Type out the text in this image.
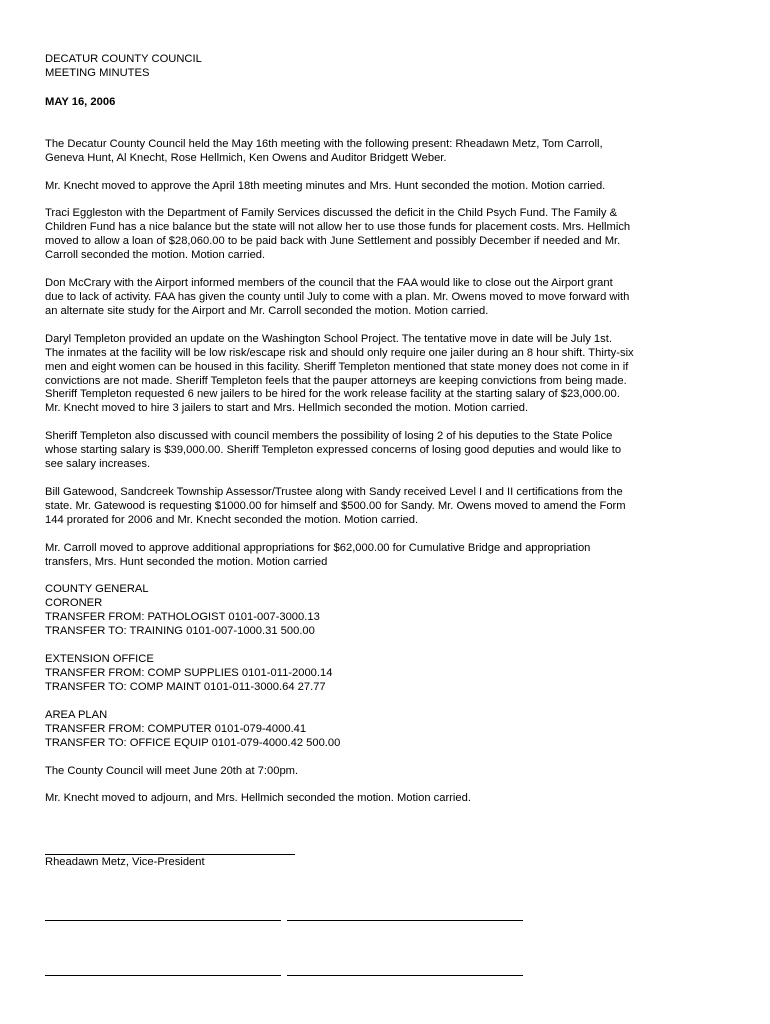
DECATUR COUNTY COUNCIL
MEETING MINUTES
MAY 16, 2006
The Decatur County Council held the May 16th meeting with the following present: Rheadawn Metz, Tom Carroll,
Geneva Hunt, Al Knecht, Rose Hellmich, Ken Owens and Auditor Bridgett Weber.
Mr. Knecht moved to approve the April 18th meeting minutes and Mrs. Hunt seconded the motion. Motion carried.
Traci Eggleston with the Department of Family Services discussed the deficit in the Child Psych Fund. The Family &
Children Fund has a nice balance but the state will not allow her to use those funds for placement costs. Mrs. Hellmich
moved to allow a loan of $28,060.00 to be paid back with June Settlement and possibly December if needed and Mr.
Carroll seconded the motion. Motion carried.
Don McCrary with the Airport informed members of the council that the FAA would like to close out the Airport grant
due to lack of activity. FAA has given the county until July to come with a plan. Mr. Owens moved to move forward with
an alternate site study for the Airport and Mr. Carroll seconded the motion. Motion carried.
Daryl Templeton provided an update on the Washington School Project. The tentative move in date will be July 1st.
The inmates at the facility will be low risk/escape risk and should only require one jailer during an 8 hour shift. Thirty-six
men and eight women can be housed in this facility. Sheriff Templeton mentioned that state money does not come in if
convictions are not made. Sheriff Templeton feels that the pauper attorneys are keeping convictions from being made.
Sheriff Templeton requested 6 new jailers to be hired for the work release facility at the starting salary of $23,000.00.
Mr. Knecht moved to hire 3 jailers to start and Mrs. Hellmich seconded the motion. Motion carried.
Sheriff Templeton also discussed with council members the possibility of losing 2 of his deputies to the State Police
whose starting salary is $39,000.00. Sheriff Templeton expressed concerns of losing good deputies and would like to
see salary increases.
Bill Gatewood, Sandcreek Township Assessor/Trustee along with Sandy received Level I and II certifications from the
state. Mr. Gatewood is requesting $1000.00 for himself and $500.00 for Sandy. Mr. Owens moved to amend the Form
144 prorated for 2006 and Mr. Knecht seconded the motion. Motion carried.
Mr. Carroll moved to approve additional appropriations for $62,000.00 for Cumulative Bridge and appropriation
transfers, Mrs. Hunt seconded the motion. Motion carried
COUNTY GENERAL
CORONER
TRANSFER FROM: PATHOLOGIST 0101-007-3000.13
TRANSFER TO: TRAINING 0101-007-1000.31 500.00
EXTENSION OFFICE
TRANSFER FROM: COMP SUPPLIES 0101-011-2000.14
TRANSFER TO: COMP MAINT 0101-011-3000.64 27.77
AREA PLAN
TRANSFER FROM: COMPUTER 0101-079-4000.41
TRANSFER TO: OFFICE EQUIP 0101-079-4000.42 500.00
The County Council will meet June 20th at 7:00pm.
Mr. Knecht moved to adjourn, and Mrs. Hellmich seconded the motion. Motion carried.
Rheadawn Metz, Vice-President
